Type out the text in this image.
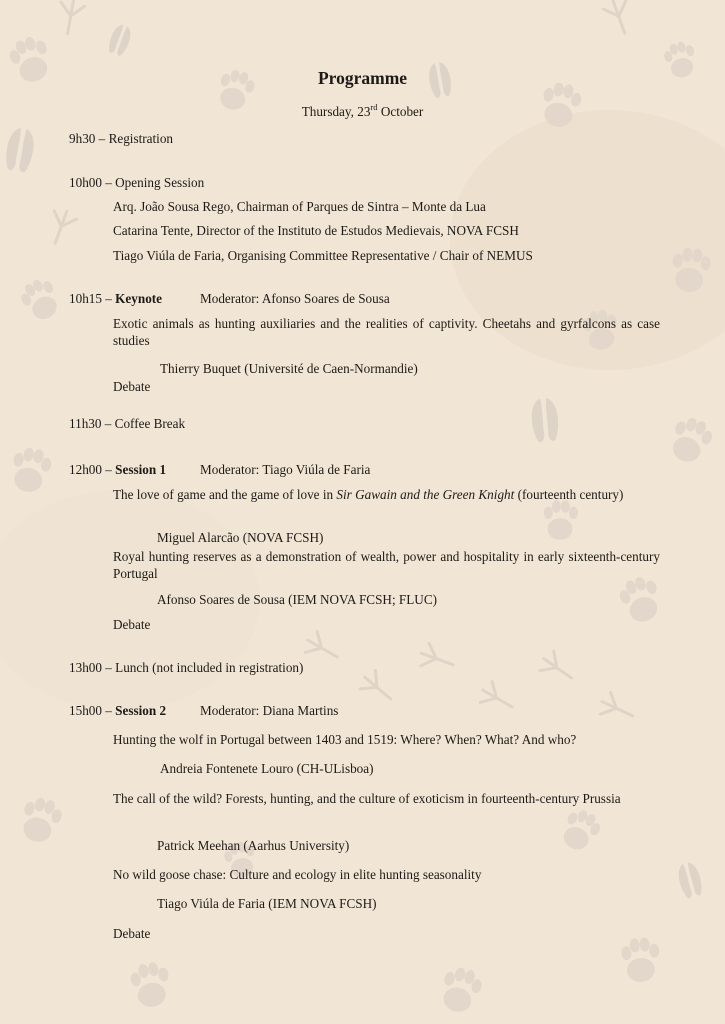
Programme
Thursday, 23rd October
9h30 – Registration
10h00 – Opening Session
Arq. João Sousa Rego, Chairman of Parques de Sintra – Monte da Lua
Catarina Tente, Director of the Instituto de Estudos Medievais, NOVA FCSH
Tiago Viúla de Faria, Organising Committee Representative / Chair of NEMUS
10h15 – Keynote	Moderator: Afonso Soares de Sousa
Exotic animals as hunting auxiliaries and the realities of captivity. Cheetahs and gyrfalcons as case studies
Thierry Buquet (Université de Caen-Normandie)
Debate
11h30 – Coffee Break
12h00 – Session 1	Moderator: Tiago Viúla de Faria
The love of game and the game of love in Sir Gawain and the Green Knight (fourteenth century)
Miguel Alarcão (NOVA FCSH)
Royal hunting reserves as a demonstration of wealth, power and hospitality in early sixteenth-century Portugal
Afonso Soares de Sousa (IEM NOVA FCSH; FLUC)
Debate
13h00 – Lunch (not included in registration)
15h00 – Session 2	Moderator: Diana Martins
Hunting the wolf in Portugal between 1403 and 1519: Where? When? What? And who?
Andreia Fontenete Louro (CH-ULisboa)
The call of the wild? Forests, hunting, and the culture of exoticism in fourteenth-century Prussia
Patrick Meehan (Aarhus University)
No wild goose chase: Culture and ecology in elite hunting seasonality
Tiago Viúla de Faria (IEM NOVA FCSH)
Debate
